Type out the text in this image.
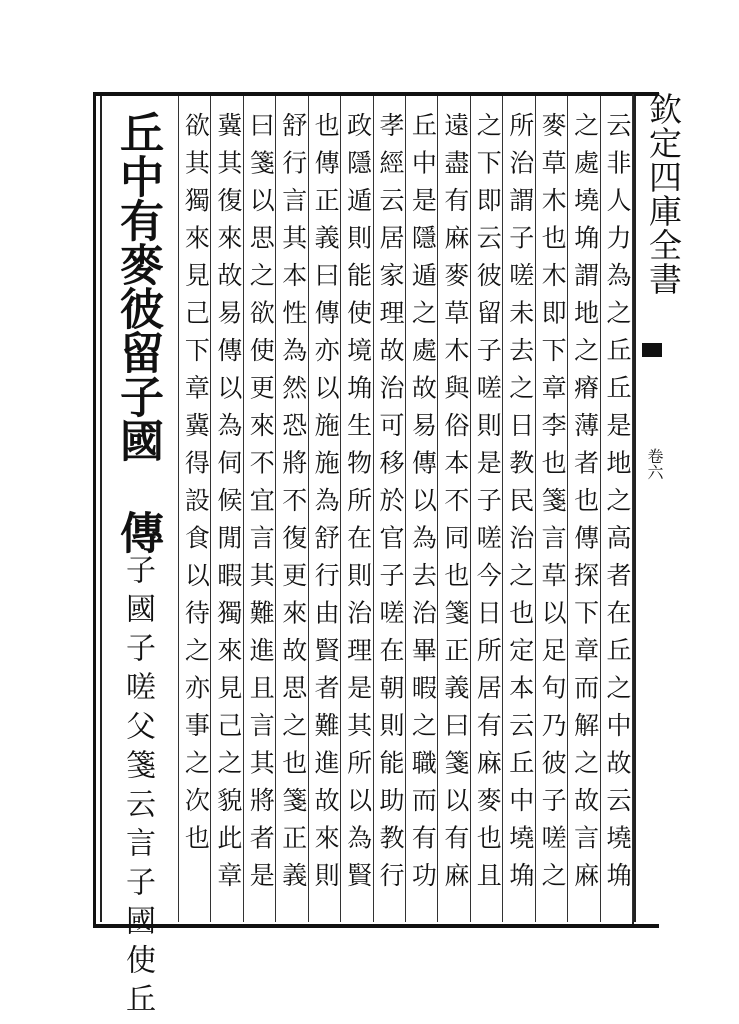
丘中有麥彼留子國
傳子國子嗟父箋云言子國使丘 欲其獨來見己下章冀得設食以待之亦事之次也 冀其復來故易傳以為伺候閒暇獨來見己之貌此章 曰箋以思之欲使更來不宜言其難進且言其將者是 舒行言其本性為然恐將不復更來故思之也箋正義 也傳正義曰傳亦以施施為舒行由賢者難進故來則 政隱遁則能使境埆生物所在則治理是其所以為賢 孝經云居家理故治可移於官子嗟在朝則能助教行 丘中是隱遁之處故易傳以為去治畢暇之職而有功 遠盡有麻麥草木與俗本不同也箋正義曰箋以有麻 之下即云彼留子嗟則是子嗟今日所居有麻麥也且 所治謂子嗟未去之日教民治之也定本云丘中墝埆 麥草木也木即下章李也箋言草以足句乃彼子嗟之 之處墝埆謂地之瘠薄者也傳探下章而解之故言麻 云非人力為之丘丘是地之高者在丘之中故云墝埆 欽定四庫全書
卷六
